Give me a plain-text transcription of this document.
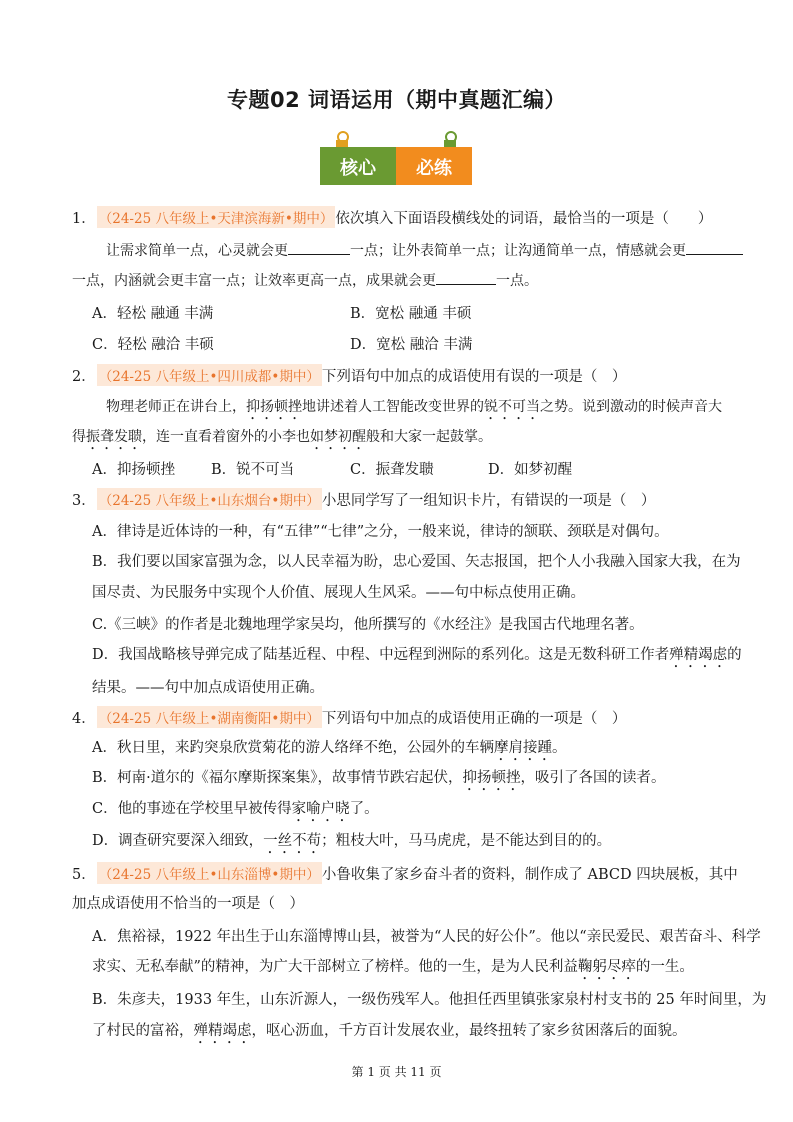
专题02 词语运用（期中真题汇编）
核心	必练
1． （24-25 八年级上•天津滨海新•期中） 依次填入下面语段横线处的词语，最恰当的一项是（　　）
让需求简单一点，心灵就会更	一点；让外表简单一点；让沟通简单一点，情感就会更
一点，内涵就会更丰富一点；让效率更高一点，成果就会更	一点。
A．轻松 融通 丰满	B．宽松 融通 丰硕
C．轻松 融洽 丰硕	D．宽松 融洽 丰满
2． （24-25 八年级上•四川成都•期中） 下列语句中加点的成语使用有误的一项是（　）
物理老师正在讲台上，抑扬顿挫地讲述着人工智能改变世界的锐不可当之势。说到激动的时候声音大
得振聋发聩，连一直看着窗外的小李也如梦初醒般和大家一起鼓掌。
A．抑扬顿挫 B．锐不可当	C．振聋发聩	D．如梦初醒
3． （24-25 八年级上•山东烟台•期中） 小思同学写了一组知识卡片，有错误的一项是（　）
A．律诗是近体诗的一种，有“五律”“七律”之分，一般来说，律诗的颔联、颈联是对偶句。
B．我们要以国家富强为念，以人民幸福为盼，忠心爱国、矢志报国，把个人小我融入国家大我，在为
国尽责、为民服务中实现个人价值、展现人生风采。——句中标点使用正确。
C.《三峡》的作者是北魏地理学家吴均，他所撰写的《水经注》是我国古代地理名著。
D．我国战略核导弹完成了陆基近程、中程、中远程到洲际的系列化。这是无数科研工作者殚精竭虑的
结果。——句中加点成语使用正确。
4． （24-25 八年级上•湖南衡阳•期中） 下列语句中加点的成语使用正确的一项是（　）
A．秋日里，来趵突泉欣赏菊花的游人络绎不绝，公园外的车辆摩肩接踵。
B．柯南·道尔的《福尔摩斯探案集》，故事情节跌宕起伏，抑扬顿挫，吸引了各国的读者。
C．他的事迹在学校里早被传得家喻户晓了。
D．调查研究要深入细致，一丝不苟；粗枝大叶，马马虎虎，是不能达到目的的。
5． （24-25 八年级上•山东淄博•期中） 小鲁收集了家乡奋斗者的资料，制作成了 ABCD 四块展板，其中
加点成语使用不恰当的一项是（　）
A．焦裕禄，1922 年出生于山东淄博博山县，被誉为“人民的好公仆”。他以“亲民爱民、艰苦奋斗、科学
求实、无私奉献”的精神，为广大干部树立了榜样。他的一生，是为人民利益鞠躬尽瘁的一生。
B．朱彦夫，1933 年生，山东沂源人，一级伤残军人。他担任西里镇张家泉村村支书的 25 年时间里，为
了村民的富裕，殚精竭虑，呕心沥血，千方百计发展农业，最终扭转了家乡贫困落后的面貌。
第 1 页 共 11 页
